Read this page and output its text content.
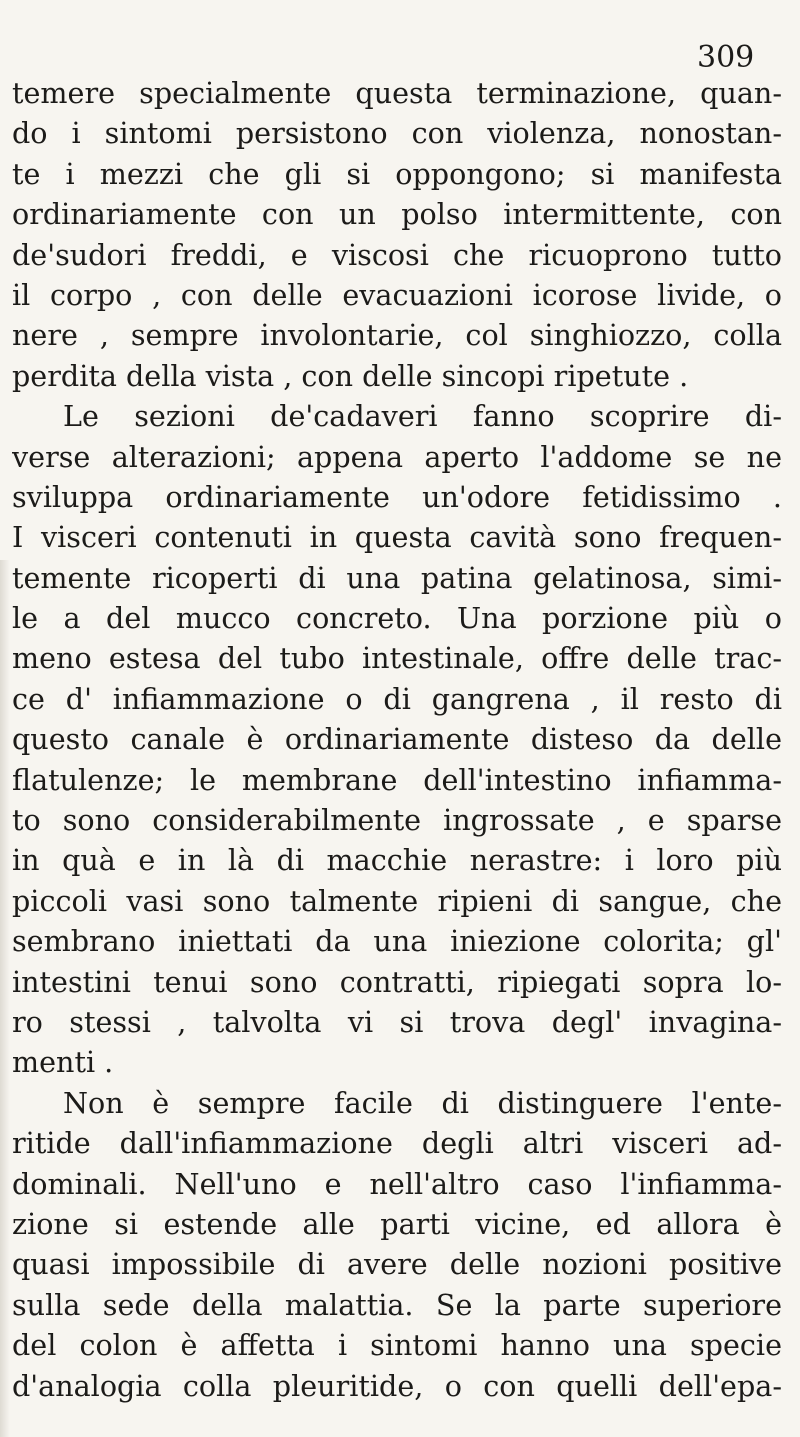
309
temere specialmente questa terminazione, quan-
do i sintomi persistono con violenza, nonostan-
te i mezzi che gli si oppongono; si manifesta
ordinariamente con un polso intermittente, con
de'sudori freddi, e viscosi che ricuoprono tutto
il corpo , con delle evacuazioni icorose livide, o
nere , sempre involontarie, col singhiozzo, colla
perdita della vista , con delle sincopi ripetute .
Le sezioni de'cadaveri fanno scoprire di-
verse alterazioni; appena aperto l'addome se ne
sviluppa ordinariamente un'odore fetidissimo .
I visceri contenuti in questa cavità sono frequen-
temente ricoperti di una patina gelatinosa, simi-
le a del mucco concreto. Una porzione più o
meno estesa del tubo intestinale, offre delle trac-
ce d' infiammazione o di gangrena , il resto di
questo canale è ordinariamente disteso da delle
flatulenze; le membrane dell'intestino infiamma-
to sono considerabilmente ingrossate , e sparse
in quà e in là di macchie nerastre: i loro più
piccoli vasi sono talmente ripieni di sangue, che
sembrano iniettati da una iniezione colorita; gl'
intestini tenui sono contratti, ripiegati sopra lo-
ro stessi , talvolta vi si trova degl' invagina-
menti .
Non è sempre facile di distinguere l'ente-
ritide dall'infiammazione degli altri visceri ad-
dominali. Nell'uno e nell'altro caso l'infiamma-
zione si estende alle parti vicine, ed allora è
quasi impossibile di avere delle nozioni positive
sulla sede della malattia. Se la parte superiore
del colon è affetta i sintomi hanno una specie
d'analogia colla pleuritide, o con quelli dell'epa-
